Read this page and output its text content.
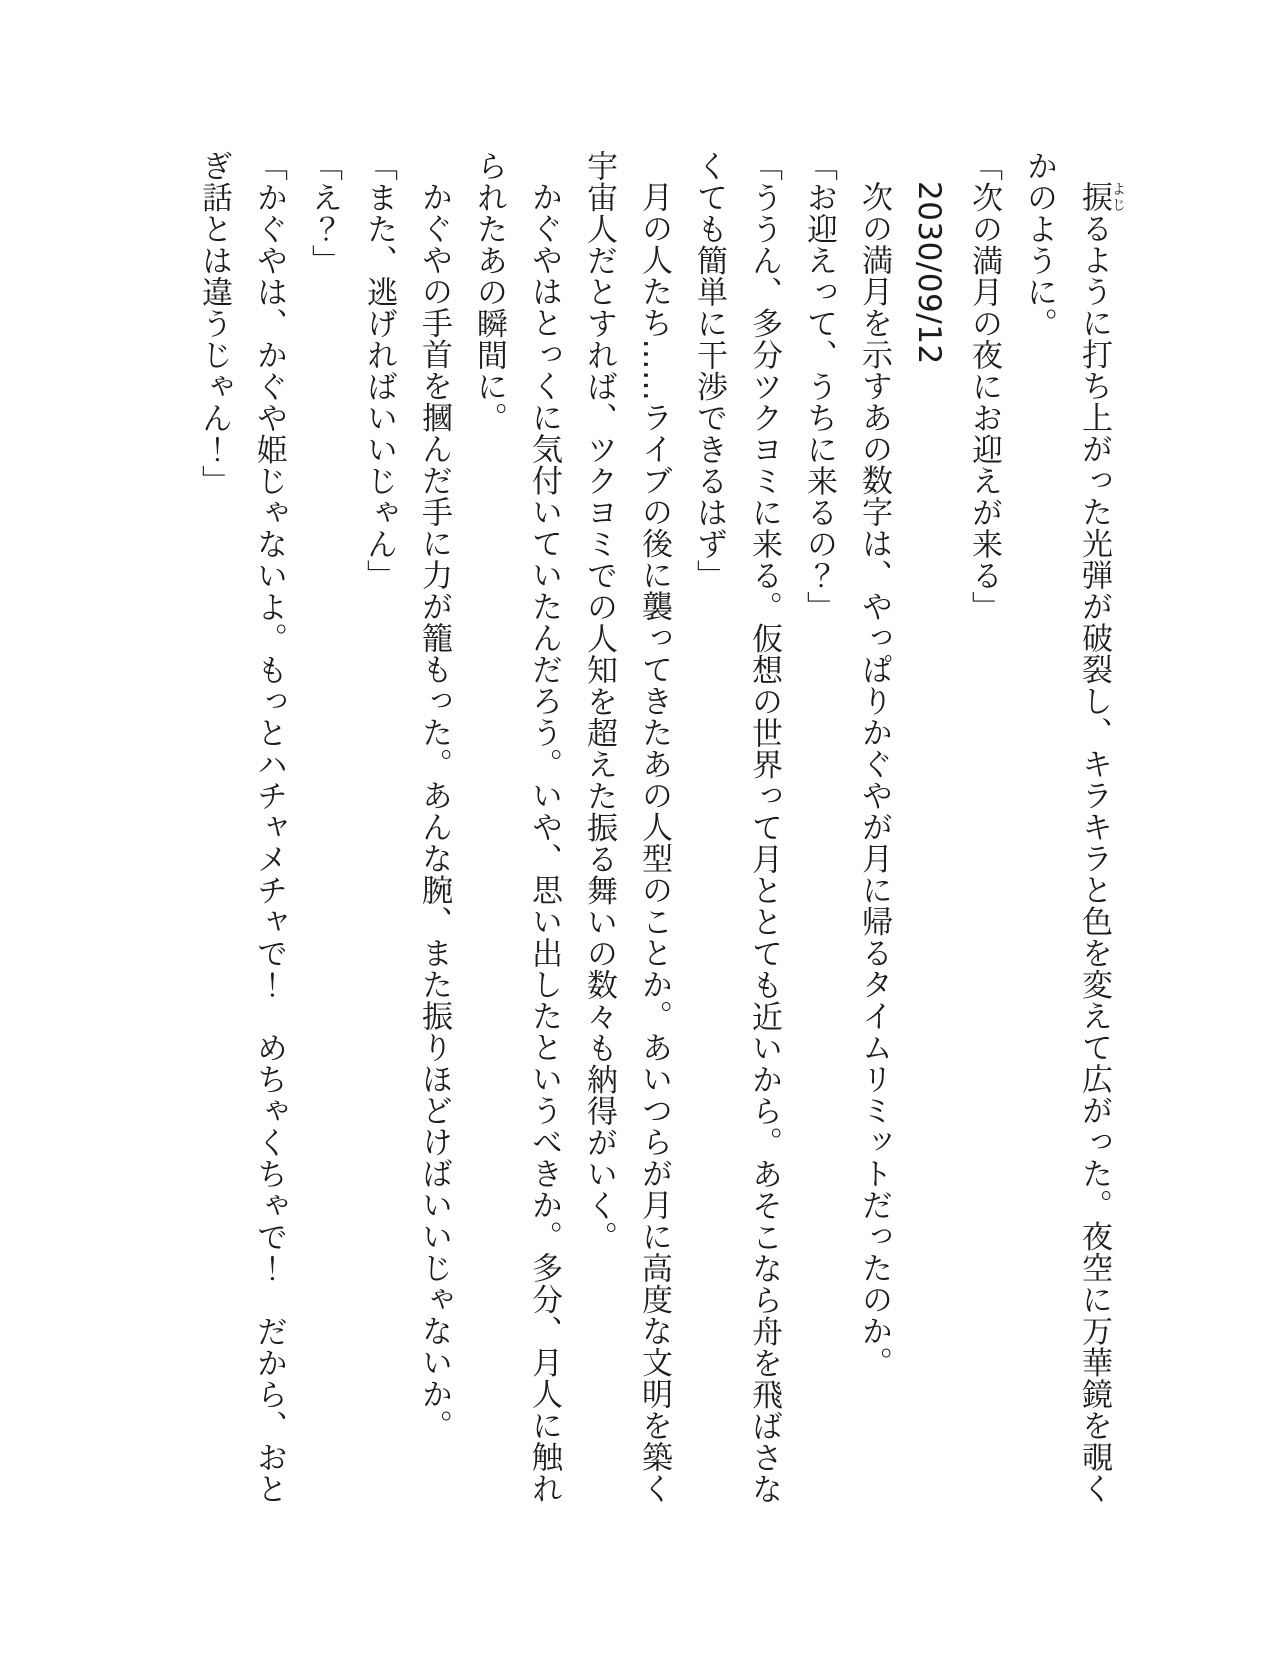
捩よじるように打ち上がった光弾が破裂し、キラキラと色を変えて広がった。夜空に万華鏡を覗くかのように。

「次の満月の夜にお迎えが来る」

2030/09/12

次の満月を示すあの数字は、やっぱりかぐやが月に帰るタイムリミットだったのか。

「お迎えって、うちに来るの？」

「ううん、多分ツクヨミに来る。仮想の世界って月ととても近いから。あそこなら舟を飛ばさなくても簡単に干渉できるはず」

月の人たち……ライブの後に襲ってきたあの人型のことか。あいつらが月に高度な文明を築く宇宙人だとすれば、ツクヨミでの人知を超えた振る舞いの数々も納得がいく。

かぐやはとっくに気付いていたんだろう。いや、思い出したというべきか。多分、月人に触れられたあの瞬間に。

かぐやの手首を摑んだ手に力が籠もった。あんな腕、また振りほどけばいいじゃないか。

「また、逃げればいいじゃん」

「え？」

「かぐやは、かぐや姫じゃないよ。もっとハチャメチャで！　めちゃくちゃで！　だから、おとぎ話とは違うじゃん！」
